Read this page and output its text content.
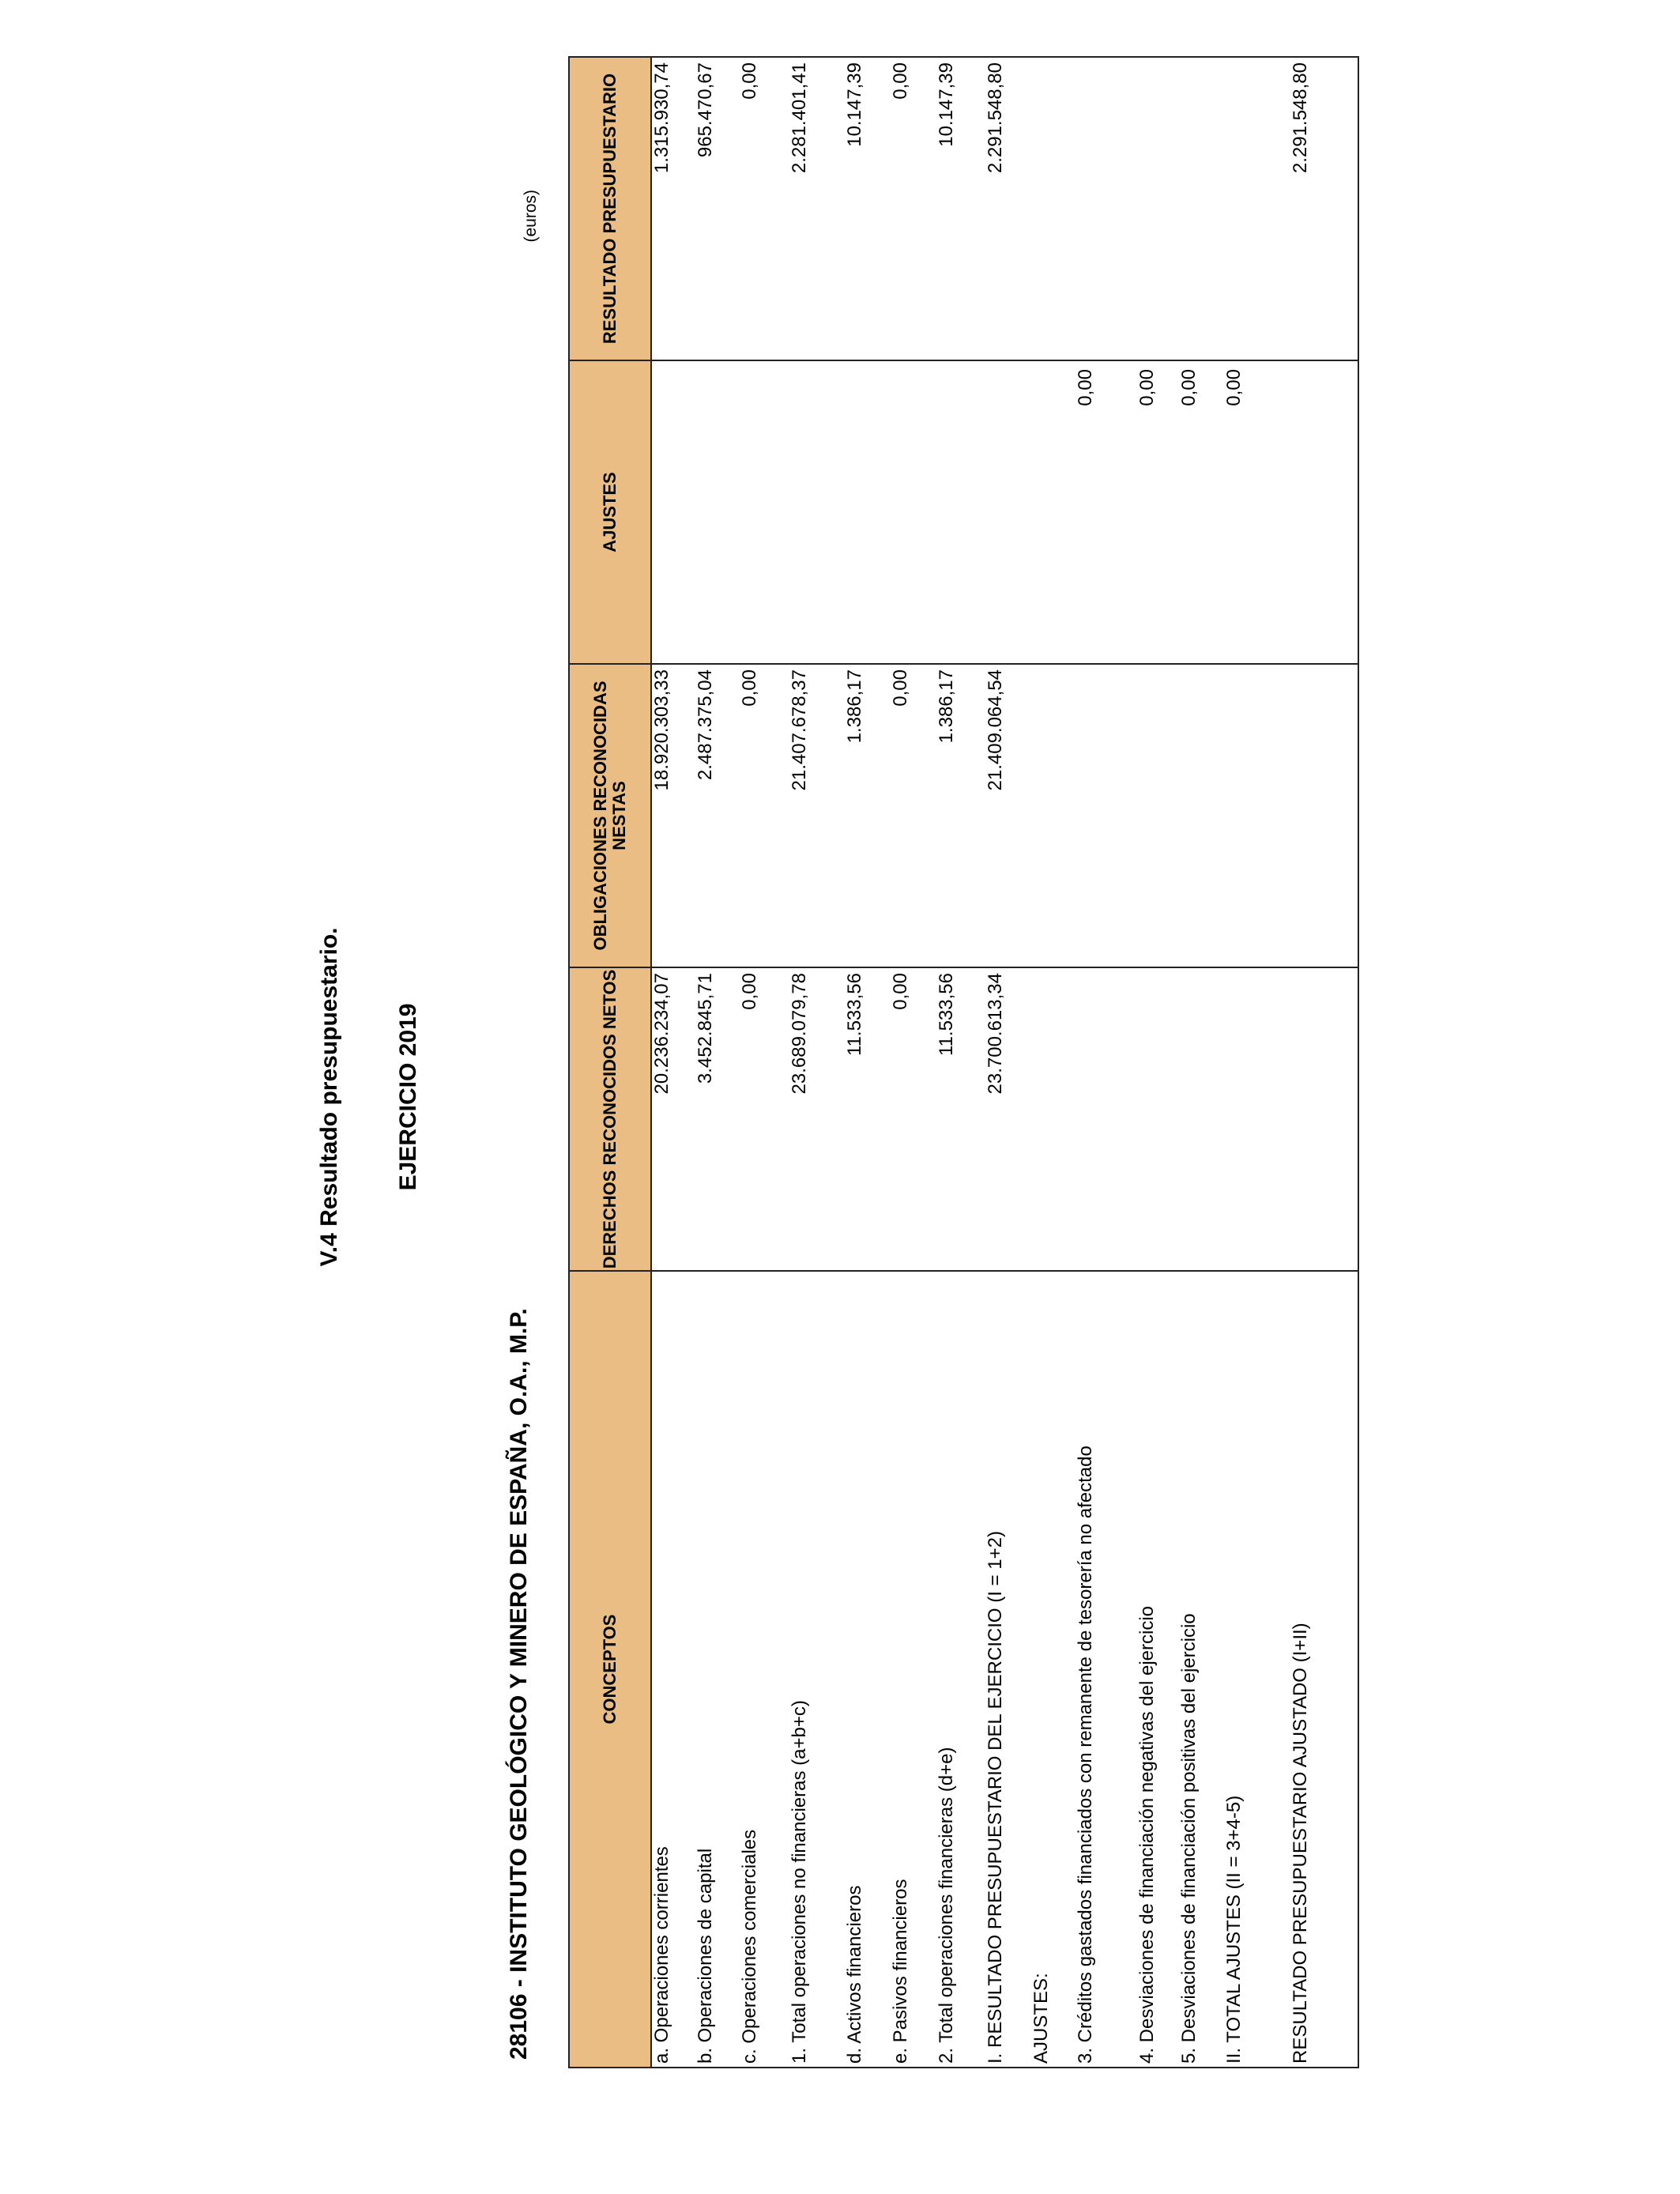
V.4 Resultado presupuestario. EJERCICIO 2019
28106 - INSTITUTO GEOLÓGICO Y MINERO DE ESPAÑA, O.A., M.P.
(euros)
CONCEPTOS	DERECHOS RECONOCIDOS NETOS	OBLIGACIONES RECONOCIDAS NESTAS	AJUSTES	RESULTADO PRESUPUESTARIO
a. Operaciones corrientes	20.236.234,07	18.920.303,33		1.315.930,74
b. Operaciones de capital	3.452.845,71	2.487.375,04		965.470,67
c. Operaciones comerciales	0,00	0,00		0,00
1. Total operaciones no financieras (a+b+c)	23.689.079,78	21.407.678,37		2.281.401,41
d. Activos financieros	11.533,56	1.386,17		10.147,39
e. Pasivos financieros	0,00	0,00		0,00
2. Total operaciones financieras (d+e)	11.533,56	1.386,17		10.147,39
I. RESULTADO PRESUPUESTARIO DEL EJERCICIO (I = 1+2)	23.700.613,34	21.409.064,54		2.291.548,80
AJUSTES:				
3. Créditos gastados financiados con remanente de tesorería no afectado			0,00	
4. Desviaciones de financiación negativas del ejercicio			0,00	
5. Desviaciones de financiación positivas del ejercicio			0,00	
II. TOTAL AJUSTES (II = 3+4-5)			0,00	
RESULTADO PRESUPUESTARIO AJUSTADO (I+II)				2.291.548,80
